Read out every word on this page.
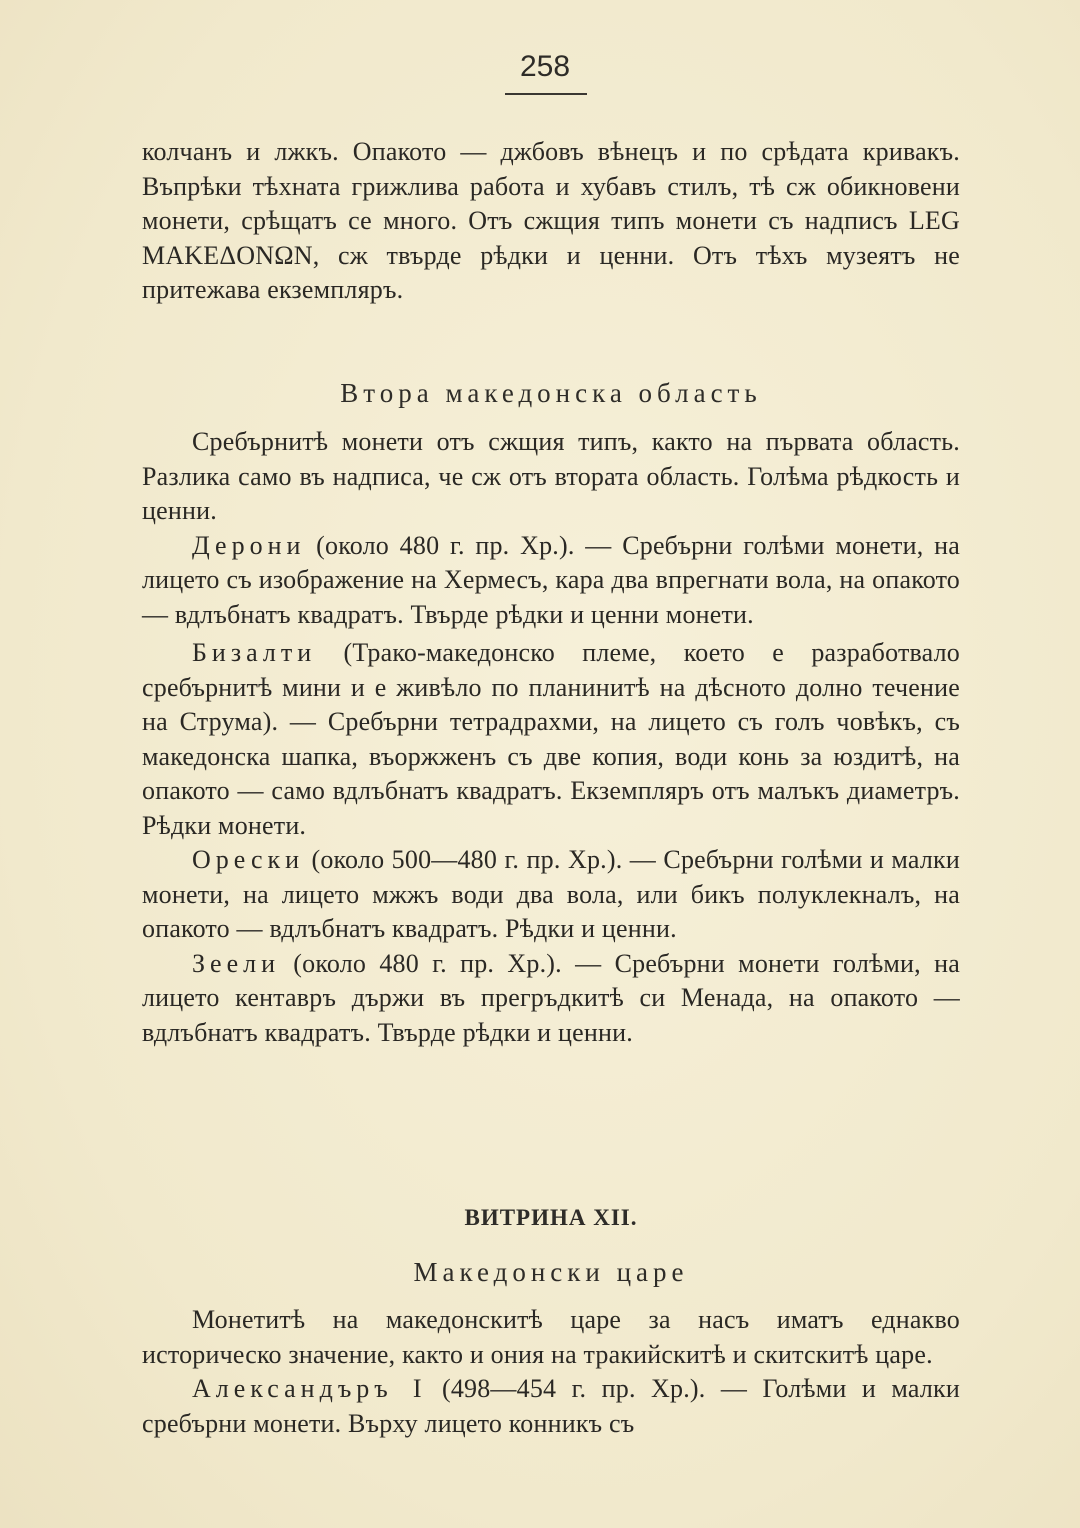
258

колчанъ и лжкъ. Опакото — джбовъ вѣнецъ и по срѣдата кривакъ. Въпрѣки тѣхната грижлива работа и хубавъ стилъ, тѣ сж обикновени монети, срѣщатъ се много. Отъ сжщия типъ монети съ надписъ LEG MAKEΔONΩN, сж твърде рѣдки и ценни. Отъ тѣхъ музеятъ не притежава екземпляръ.

Втора македонска область

Сребърнитѣ монети отъ сжщия типъ, както на първата область. Разлика само въ надписа, че сж отъ втората область. Голѣма рѣдкость и ценни.

Дерони (около 480 г. пр. Хр.). — Сребърни голѣми монети, на лицето съ изображение на Хермесъ, кара два впрегнати вола, на опакото — вдлъбнатъ квадратъ. Твърде рѣдки и ценни монети.

Бизалти (Трако-македонско племе, което е разработвало сребърнитѣ мини и е живѣло по планинитѣ на дѣсното долно течение на Струма). — Сребърни тетрадрахми, на лицето съ голъ човѣкъ, съ македонска шапка, въоржженъ съ две копия, води конь за юздитѣ, на опакото — само вдлъбнатъ квадратъ. Екземпляръ отъ малъкъ диаметръ. Рѣдки монети.

Орески (около 500—480 г. пр. Хр.). — Сребърни голѣми и малки монети, на лицето мжжъ води два вола, или бикъ полуклекналъ, на опакото — вдлъбнатъ квадратъ. Рѣдки и ценни.

Зеели (около 480 г. пр. Хр.). — Сребърни монети голѣми, на лицето кентавръ държи въ прегръдкитѣ си Менада, на опакото — вдлъбнатъ квадратъ. Твърде рѣдки и ценни.

ВИТРИНА XII.
Македонски царе

Монетитѣ на македонскитѣ царе за насъ иматъ еднакво историческо значение, както и ония на тракийскитѣ и скитскитѣ царе.

Александъръ I (498—454 г. пр. Хр.). — Голѣми и малки сребърни монети. Върху лицето конникъ съ
